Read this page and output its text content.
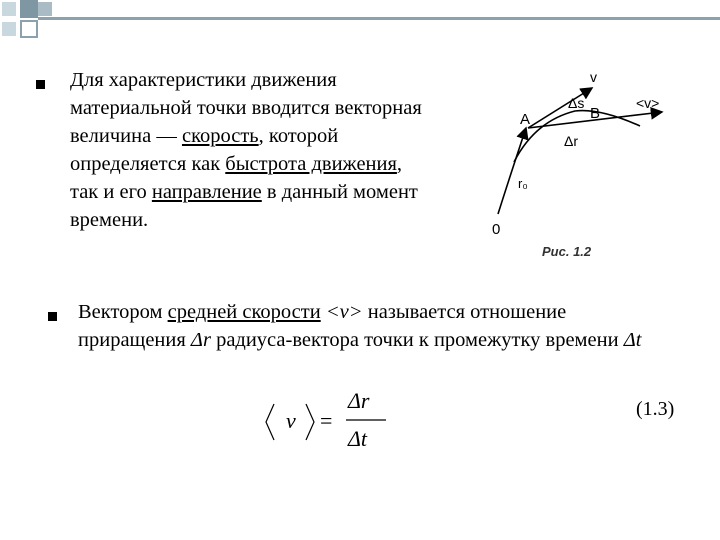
Для характеристики движения материальной точки вводится векторная величина — скорость, которой определяется как быстрота движения, так и его направление в данный момент времени.
v
A
Δs
B
<v>
Δr
r₀
0
Рис. 1.2
Вектором средней скорости <v> называется отношение приращения Δr радиуса-вектора точки к промежутку времени Δt
v =
Δr
Δt
(1.3)
